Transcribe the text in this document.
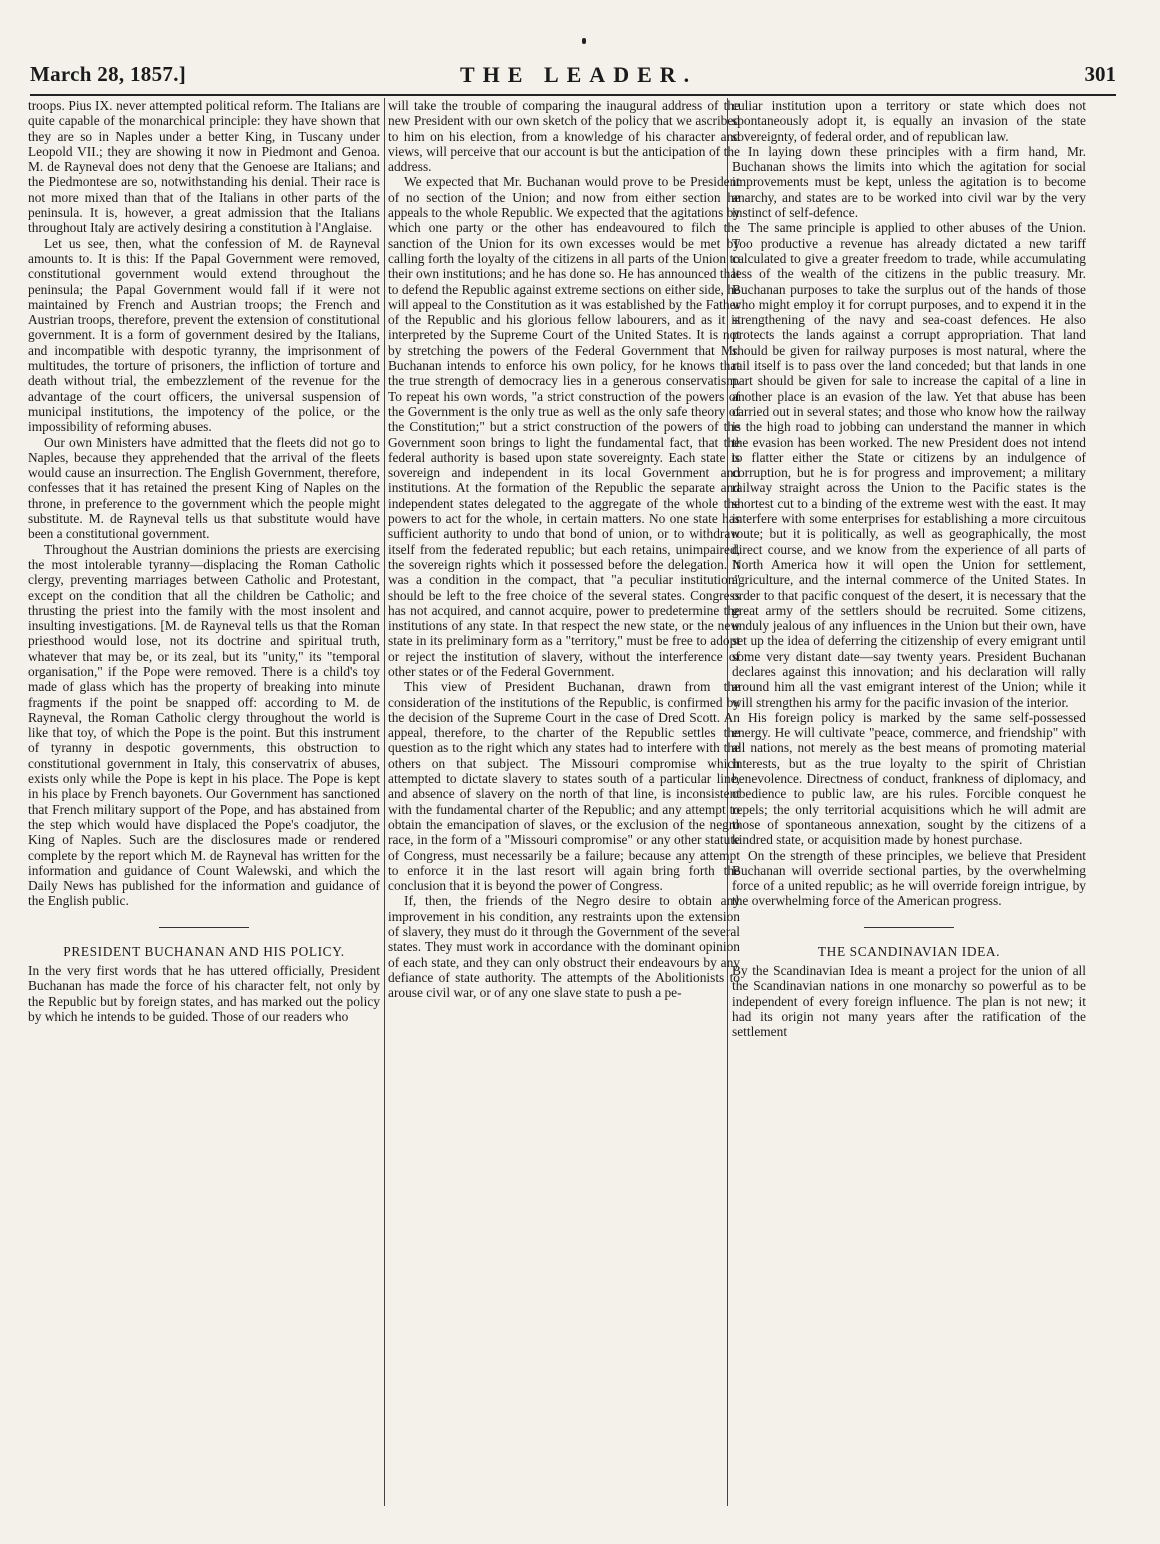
March 28, 1857.]	THE LEADER.	301

troops. Pius IX. never attempted political reform. The Italians are quite capable of the monarchical principle: they have shown that they are so in Naples under a better King, in Tuscany under Leopold VII.; they are showing it now in Piedmont and Genoa. M. de Rayneval does not deny that the Genoese are Italians; and the Piedmontese are so, notwithstanding his denial. Their race is not more mixed than that of the Italians in other parts of the peninsula. It is, however, a great admission that the Italians throughout Italy are actively desiring a constitution à l'Anglaise.

Let us see, then, what the confession of M. de Rayneval amounts to. It is this: If the Papal Government were removed, constitutional government would extend throughout the peninsula; the Papal Government would fall if it were not maintained by French and Austrian troops; the French and Austrian troops, therefore, prevent the extension of constitutional government. It is a form of government desired by the Italians, and incompatible with despotic tyranny, the imprisonment of multitudes, the torture of prisoners, the infliction of torture and death without trial, the embezzlement of the revenue for the advantage of the court officers, the universal suspension of municipal institutions, the impotency of the police, or the impossibility of reforming abuses.

Our own Ministers have admitted that the fleets did not go to Naples, because they apprehended that the arrival of the fleets would cause an insurrection. The English Government, therefore, confesses that it has retained the present King of Naples on the throne, in preference to the government which the people might substitute. M. de Rayneval tells us that substitute would have been a constitutional government.

Throughout the Austrian dominions the priests are exercising the most intolerable tyranny—displacing the Roman Catholic clergy, preventing marriages between Catholic and Protestant, except on the condition that all the children be Catholic; and thrusting the priest into the family with the most insolent and insulting investigations. [M. de Rayneval tells us that the Roman priesthood would lose, not its doctrine and spiritual truth, whatever that may be, or its zeal, but its "unity," its "temporal organisation," if the Pope were removed. There is a child's toy made of glass which has the property of breaking into minute fragments if the point be snapped off: according to M. de Rayneval, the Roman Catholic clergy throughout the world is like that toy, of which the Pope is the point. But this instrument of tyranny in despotic governments, this obstruction to constitutional government in Italy, this conservatrix of abuses, exists only while the Pope is kept in his place. The Pope is kept in his place by French bayonets. Our Government has sanctioned that French military support of the Pope, and has abstained from the step which would have displaced the Pope's coadjutor, the King of Naples. Such are the disclosures made or rendered complete by the report which M. de Rayneval has written for the information and guidance of Count Walewski, and which the Daily News has published for the information and guidance of the English public.

PRESIDENT BUCHANAN AND HIS POLICY.

In the very first words that he has uttered officially, President Buchanan has made the force of his character felt, not only by the Republic but by foreign states, and has marked out the policy by which he intends to be guided. Those of our readers who

will take the trouble of comparing the inaugural address of the new President with our own sketch of the policy that we ascribed to him on his election, from a knowledge of his character and views, will perceive that our account is but the anticipation of the address.

We expected that Mr. Buchanan would prove to be President of no section of the Union; and now from either section he appeals to the whole Republic. We expected that the agitations by which one party or the other has endeavoured to filch the sanction of the Union for its own excesses would be met by calling forth the loyalty of the citizens in all parts of the Union to their own institutions; and he has done so. He has announced that to defend the Republic against extreme sections on either side, he will appeal to the Constitution as it was established by the Father of the Republic and his glorious fellow labourers, and as it is interpreted by the Supreme Court of the United States. It is not by stretching the powers of the Federal Government that Mr. Buchanan intends to enforce his own policy, for he knows that the true strength of democracy lies in a generous conservatism. To repeat his own words, "a strict construction of the powers of the Government is the only true as well as the only safe theory of the Constitution;" but a strict construction of the powers of the Government soon brings to light the fundamental fact, that the federal authority is based upon state sovereignty. Each state is sovereign and independent in its local Government and institutions. At the formation of the Republic the separate and independent states delegated to the aggregate of the whole the powers to act for the whole, in certain matters. No one state has sufficient authority to undo that bond of union, or to withdraw itself from the federated republic; but each retains, unimpaired, the sovereign rights which it possessed before the delegation. It was a condition in the compact, that "a peculiar institution" should be left to the free choice of the several states. Congress has not acquired, and cannot acquire, power to predetermine the institutions of any state. In that respect the new state, or the new state in its preliminary form as a "territory," must be free to adopt or reject the institution of slavery, without the interference of other states or of the Federal Government.

This view of President Buchanan, drawn from the consideration of the institutions of the Republic, is confirmed by the decision of the Supreme Court in the case of Dred Scott. An appeal, therefore, to the charter of the Republic settles the question as to the right which any states had to interfere with the others on that subject. The Missouri compromise which attempted to dictate slavery to states south of a particular line, and absence of slavery on the north of that line, is inconsistent with the fundamental charter of the Republic; and any attempt to obtain the emancipation of slaves, or the exclusion of the negro race, in the form of a "Missouri compromise" or any other statute of Congress, must necessarily be a failure; because any attempt to enforce it in the last resort will again bring forth the conclusion that it is beyond the power of Congress.

If, then, the friends of the Negro desire to obtain any improvement in his condition, any restraints upon the extension of slavery, they must do it through the Government of the several states. They must work in accordance with the dominant opinion of each state, and they can only obstruct their endeavours by any defiance of state authority. The attempts of the Abolitionists to arouse civil war, or of any one slave state to push a pe-

culiar institution upon a territory or state which does not spontaneously adopt it, is equally an invasion of the state sovereignty, of federal order, and of republican law.

In laying down these principles with a firm hand, Mr. Buchanan shows the limits into which the agitation for social improvements must be kept, unless the agitation is to become anarchy, and states are to be worked into civil war by the very instinct of self-defence.

The same principle is applied to other abuses of the Union. Too productive a revenue has already dictated a new tariff calculated to give a greater freedom to trade, while accumulating less of the wealth of the citizens in the public treasury. Mr. Buchanan purposes to take the surplus out of the hands of those who might employ it for corrupt purposes, and to expend it in the strengthening of the navy and sea-coast defences. He also protects the lands against a corrupt appropriation. That land should be given for railway purposes is most natural, where the rail itself is to pass over the land conceded; but that lands in one part should be given for sale to increase the capital of a line in another place is an evasion of the law. Yet that abuse has been carried out in several states; and those who know how the railway is the high road to jobbing can understand the manner in which the evasion has been worked. The new President does not intend to flatter either the State or citizens by an indulgence of corruption, but he is for progress and improvement; a military railway straight across the Union to the Pacific states is the shortest cut to a binding of the extreme west with the east. It may interfere with some enterprises for establishing a more circuitous route; but it is politically, as well as geographically, the most direct course, and we know from the experience of all parts of North America how it will open the Union for settlement, agriculture, and the internal commerce of the United States. In order to that pacific conquest of the desert, it is necessary that the great army of the settlers should be recruited. Some citizens, unduly jealous of any influences in the Union but their own, have set up the idea of deferring the citizenship of every emigrant until some very distant date—say twenty years. President Buchanan declares against this innovation; and his declaration will rally around him all the vast emigrant interest of the Union; while it will strengthen his army for the pacific invasion of the interior.

His foreign policy is marked by the same self-possessed energy. He will cultivate "peace, commerce, and friendship" with all nations, not merely as the best means of promoting material interests, but as the true loyalty to the spirit of Christian benevolence. Directness of conduct, frankness of diplomacy, and obedience to public law, are his rules. Forcible conquest he repels; the only territorial acquisitions which he will admit are those of spontaneous annexation, sought by the citizens of a kindred state, or acquisition made by honest purchase.

On the strength of these principles, we believe that President Buchanan will override sectional parties, by the overwhelming force of a united republic; as he will override foreign intrigue, by the overwhelming force of the American progress.

THE SCANDINAVIAN IDEA.

By the Scandinavian Idea is meant a project for the union of all the Scandinavian nations in one monarchy so powerful as to be independent of every foreign influence. The plan is not new; it had its origin not many years after the ratification of the settlement
